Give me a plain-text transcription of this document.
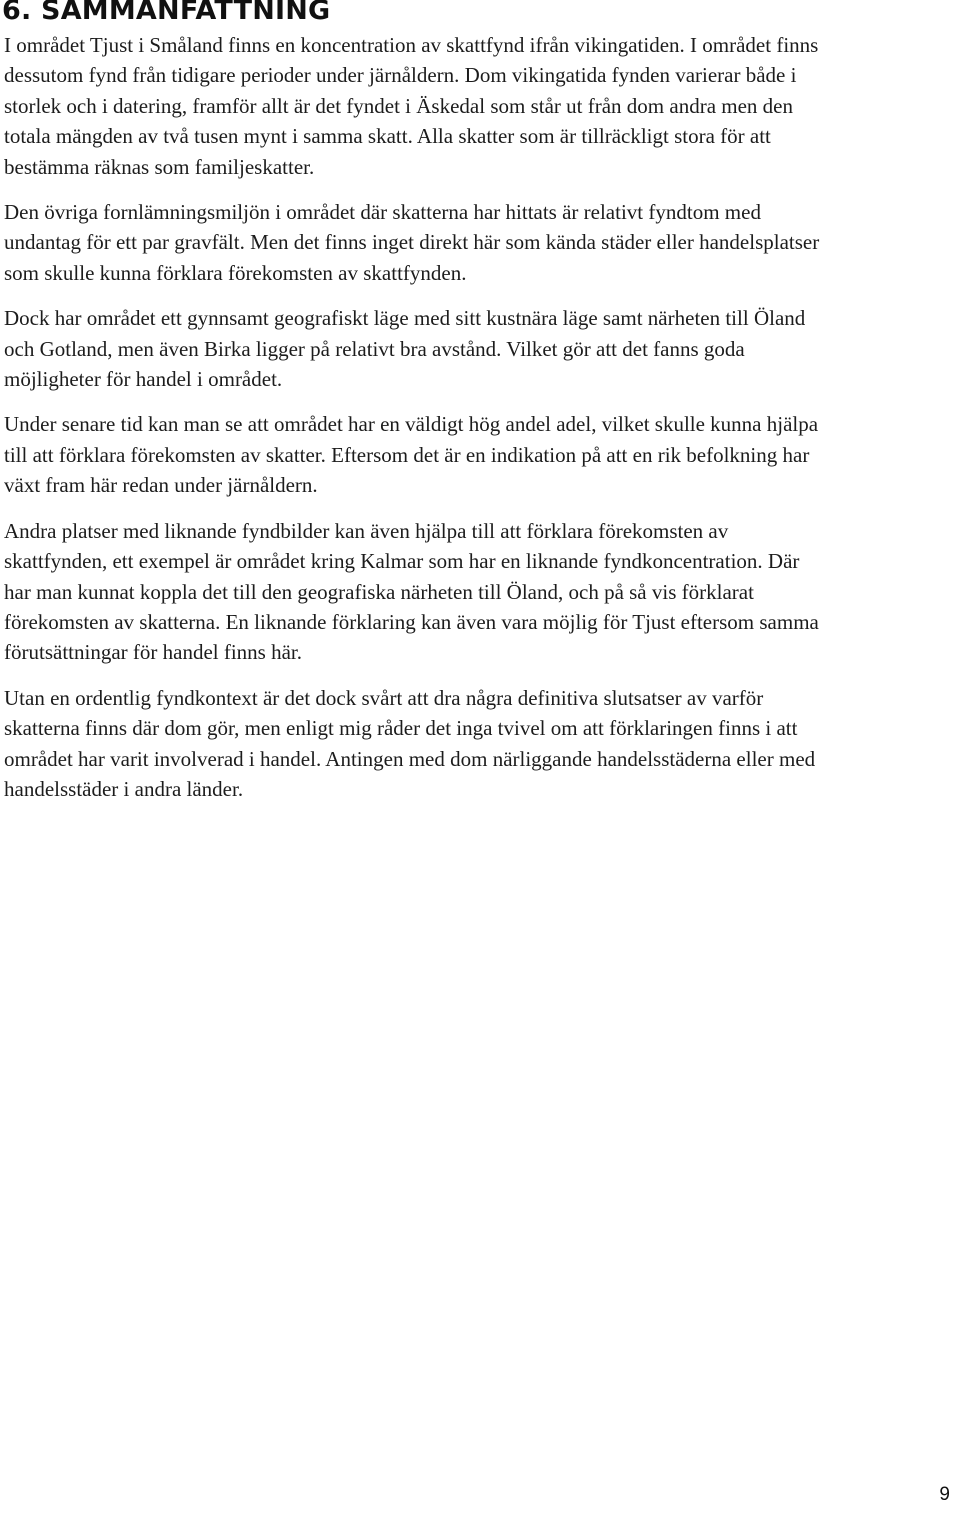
6. SAMMANFATTNING

I området Tjust i Småland finns en koncentration av skattfynd ifrån vikingatiden. I området finns
dessutom fynd från tidigare perioder under järnåldern. Dom vikingatida fynden varierar både i
storlek och i datering, framför allt är det fyndet i Äskedal som står ut från dom andra men den
totala mängden av två tusen mynt i samma skatt. Alla skatter som är tillräckligt stora för att
bestämma räknas som familjeskatter.

Den övriga fornlämningsmiljön i området där skatterna har hittats är relativt fyndtom med
undantag för ett par gravfält. Men det finns inget direkt här som kända städer eller handelsplatser
som skulle kunna förklara förekomsten av skattfynden.

Dock har området ett gynnsamt geografiskt läge med sitt kustnära läge samt närheten till Öland
och Gotland, men även Birka ligger på relativt bra avstånd. Vilket gör att det fanns goda
möjligheter för handel i området.

Under senare tid kan man se att området har en väldigt hög andel adel, vilket skulle kunna hjälpa
till att förklara förekomsten av skatter. Eftersom det är en indikation på att en rik befolkning har
växt fram här redan under järnåldern.

Andra platser med liknande fyndbilder kan även hjälpa till att förklara förekomsten av
skattfynden, ett exempel är området kring Kalmar som har en liknande fyndkoncentration. Där
har man kunnat koppla det till den geografiska närheten till Öland, och på så vis förklarat
förekomsten av skatterna. En liknande förklaring kan även vara möjlig för Tjust eftersom samma
förutsättningar för handel finns här.

Utan en ordentlig fyndkontext är det dock svårt att dra några definitiva slutsatser av varför
skatterna finns där dom gör, men enligt mig råder det inga tvivel om att förklaringen finns i att
området har varit involverad i handel. Antingen med dom närliggande handelsstäderna eller med
handelsstäder i andra länder.

9
